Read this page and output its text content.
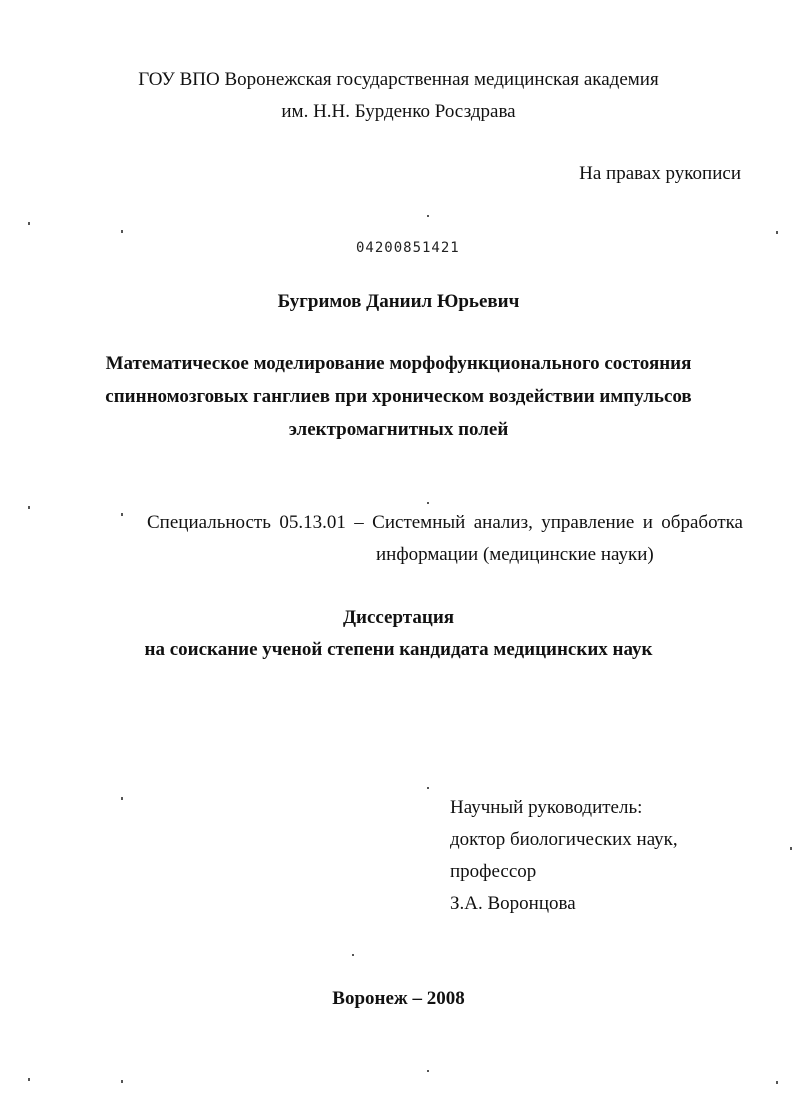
ГОУ ВПО Воронежская государственная медицинская академия
им. Н.Н. Бурденко Росздрава
На правах рукописи
04200851421
Бугримов Даниил Юрьевич
Математическое моделирование морфофункционального состояния
спинномозговых ганглиев при хроническом воздействии импульсов
электромагнитных полей
Специальность 05.13.01 – Системный анализ, управление и обработка
информации (медицинские науки)
Диссертация
на соискание ученой степени кандидата медицинских наук
Научный руководитель:
доктор биологических наук,
профессор
З.А. Воронцова
Воронеж – 2008
